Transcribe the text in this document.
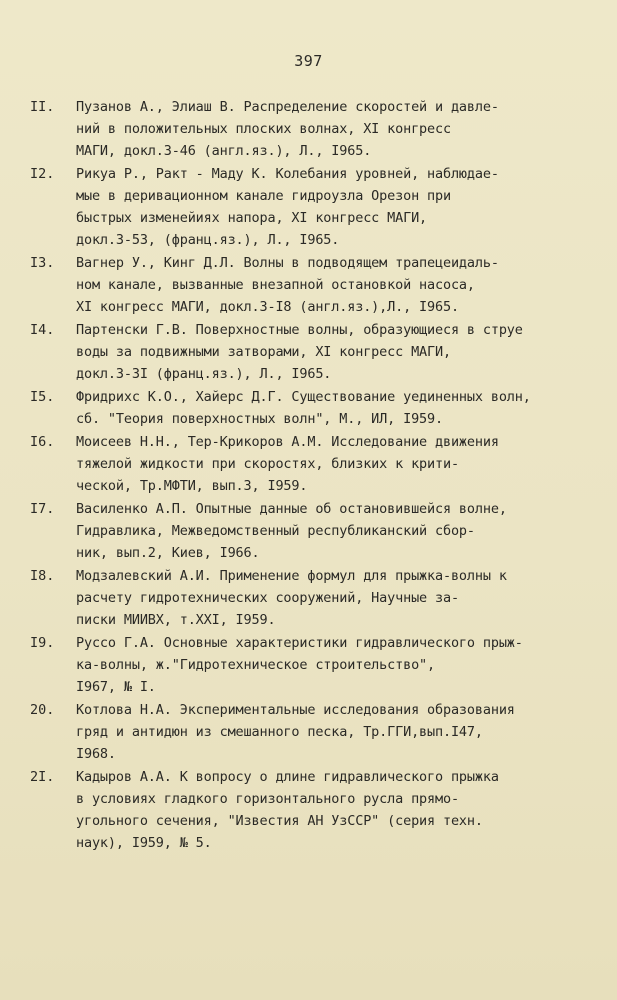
397
II.	Пузанов А., Элиаш В. Распределение скоростей и давле-
ний в положительных плоских волнах, XI конгресс
МАГИ, докл.3-46 (англ.яз.), Л., I965.
I2.	Рикуа Р., Ракт - Маду К. Колебания уровней, наблюдае-
мые в деривационном канале гидроузла Орезон при
быстрых изменейиях напора, XI конгресс МАГИ,
докл.3-53, (франц.яз.), Л., I965.
I3.	Вагнер У., Кинг Д.Л. Волны в подводящем трапецеидаль-
ном канале, вызванные внезапной остановкой насоса,
XI конгресс МАГИ, докл.3-I8 (англ.яз.),Л., I965.
I4.	Партенски Г.В. Поверхностные волны, образующиеся в струе
воды за подвижными затворами, XI конгресс МАГИ,
докл.3-3I (франц.яз.), Л., I965.
I5.	Фридрихс К.О., Хайерс Д.Г. Существование уединенных волн,
сб. "Теория поверхностных волн", М., ИЛ, I959.
I6.	Моисеев Н.Н., Тер-Крикоров А.М. Исследование движения
тяжелой жидкости при скоростях, близких к крити-
ческой, Тр.МФТИ, вып.3, I959.
I7.	Василенко А.П. Опытные данные об остановившейся волне,
Гидравлика, Межведомственный республиканский сбор-
ник, вып.2, Киев, I966.
I8.	Модзалевский А.И. Применение формул для прыжка-волны к
расчету гидротехнических сооружений, Научные за-
писки МИИВХ, т.XXI, I959.
I9.	Руссо Г.А. Основные характеристики гидравлического прыж-
ка-волны, ж."Гидротехническое строительство",
I967, № I.
20.	Котлова Н.А. Экспериментальные исследования образования
гряд и антидюн из смешанного песка, Тр.ГГИ,вып.I47,
I968.
2I.	Кадыров А.А. К вопросу о длине гидравлического прыжка
в условиях гладкого горизонтального русла прямо-
угольного сечения, "Известия АН УзССР" (серия техн.
наук), I959, № 5.
